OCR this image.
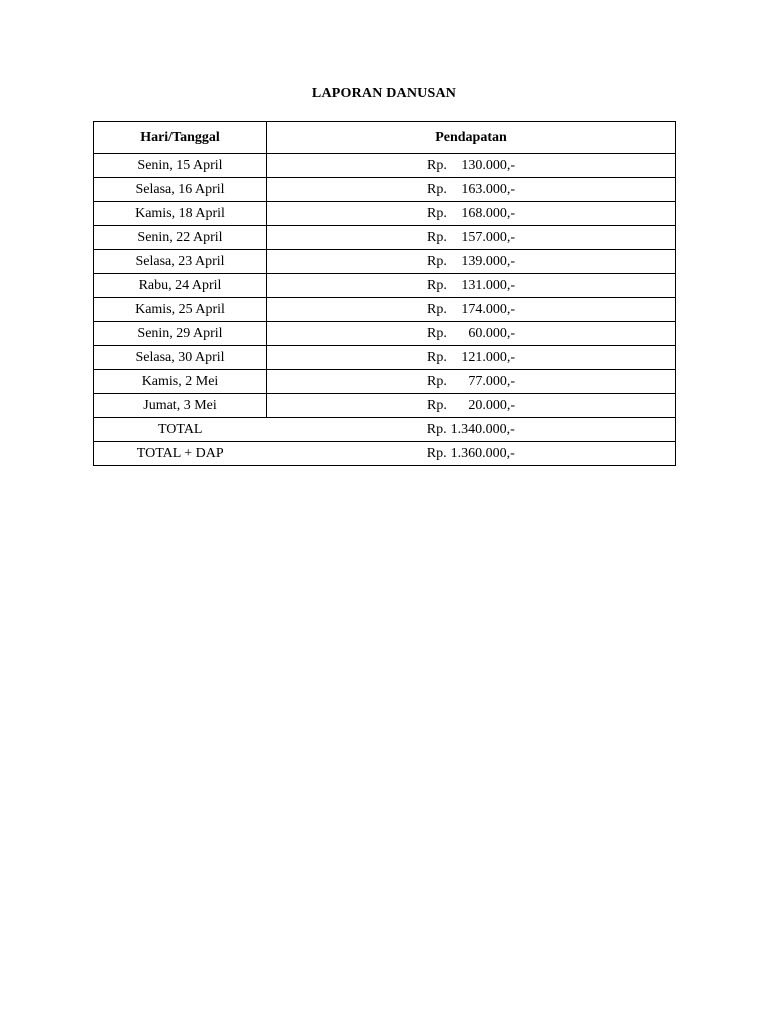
LAPORAN DANUSAN
Hari/Tanggal	Pendapatan
Senin, 15 April	Rp. 130.000,-
Selasa, 16 April	Rp. 163.000,-
Kamis, 18 April	Rp. 168.000,-
Senin, 22 April	Rp. 157.000,-
Selasa, 23 April	Rp. 139.000,-
Rabu, 24 April	Rp. 131.000,-
Kamis, 25 April	Rp. 174.000,-
Senin, 29 April	Rp. 60.000,-
Selasa, 30 April	Rp. 121.000,-
Kamis, 2 Mei	Rp. 77.000,-
Jumat, 3 Mei	Rp. 20.000,-
TOTAL	Rp. 1.340.000,-
TOTAL + DAP	Rp. 1.360.000,-
